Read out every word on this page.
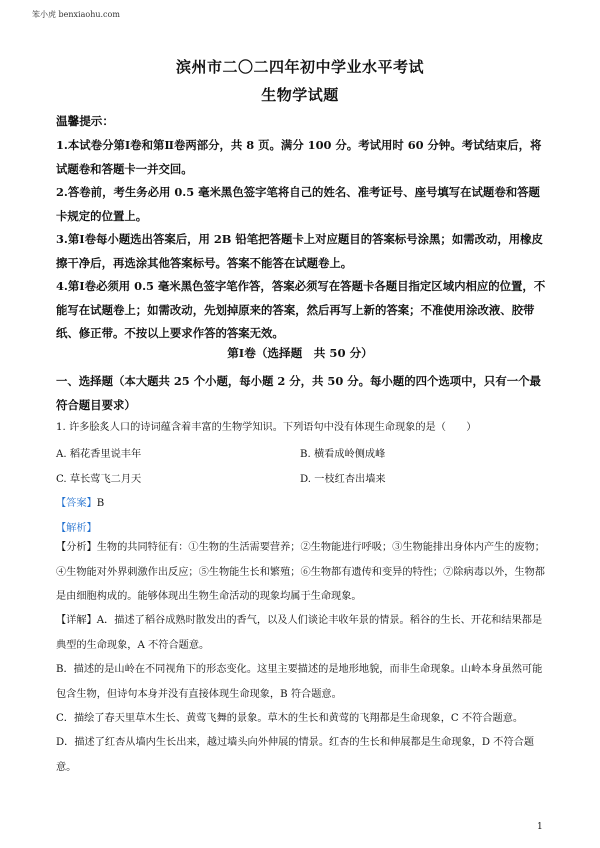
笨小虎 benxiaohu.com
滨州市二〇二四年初中学业水平考试
生物学试题
温馨提示：
1.本试卷分第Ⅰ卷和第Ⅱ卷两部分，共 8 页。满分 100 分。考试用时 60 分钟。考试结束后，将试题卷和答题卡一并交回。
2.答卷前，考生务必用 0.5 毫米黑色签字笔将自己的姓名、准考证号、座号填写在试题卷和答题卡规定的位置上。
3.第Ⅰ卷每小题选出答案后，用 2B 铅笔把答题卡上对应题目的答案标号涂黑；如需改动，用橡皮擦干净后，再选涂其他答案标号。答案不能答在试题卷上。
4.第Ⅰ卷必须用 0.5 毫米黑色签字笔作答，答案必须写在答题卡各题目指定区域内相应的位置，不能写在试题卷上；如需改动，先划掉原来的答案，然后再写上新的答案；不准使用涂改液、胶带纸、修正带。不按以上要求作答的答案无效。
第Ⅰ卷（选择题　共 50 分）
一、选择题（本大题共 25 个小题，每小题 2 分，共 50 分。每小题的四个选项中，只有一个最符合题目要求）
1. 许多脍炙人口的诗词蕴含着丰富的生物学知识。下列语句中没有体现生命现象的是（　　）
A. 稻花香里说丰年	B. 横看成岭侧成峰
C. 草长莺飞二月天	D. 一枝红杏出墙来
【答案】B
【解析】
【分析】生物的共同特征有：①生物的生活需要营养；②生物能进行呼吸；③生物能排出身体内产生的废物；④生物能对外界刺激作出反应；⑤生物能生长和繁殖；⑥生物都有遗传和变异的特性；⑦除病毒以外，生物都是由细胞构成的。能够体现出生物生命活动的现象均属于生命现象。
【详解】A．描述了稻谷成熟时散发出的香气，以及人们谈论丰收年景的情景。稻谷的生长、开花和结果都是典型的生命现象，A 不符合题意。
B．描述的是山岭在不同视角下的形态变化。这里主要描述的是地形地貌，而非生命现象。山岭本身虽然可能包含生物，但诗句本身并没有直接体现生命现象，B 符合题意。
C．描绘了春天里草木生长、黄莺飞舞的景象。草木的生长和黄莺的飞翔都是生命现象，C 不符合题意。
D．描述了红杏从墙内生长出来，越过墙头向外伸展的情景。红杏的生长和伸展都是生命现象，D 不符合题意。
1
